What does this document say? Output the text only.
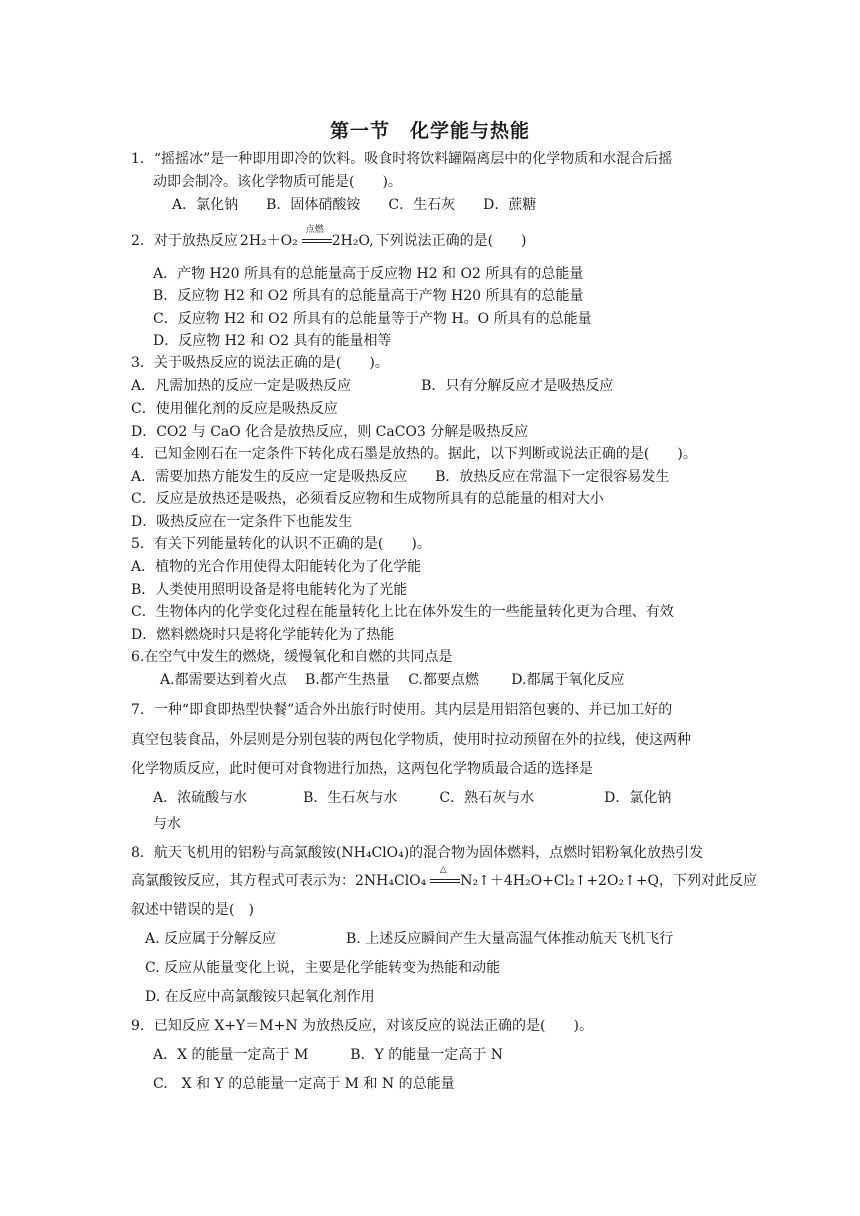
第一节　化学能与热能
1．“摇摇冰”是一种即用即冷的饮料。吸食时将饮料罐隔离层中的化学物质和水混合后摇
动即会制冷。该化学物质可能是(　　)。
A．氯化钠　　B．固体硝酸铵　　C．生石灰　　D．蔗糖
2．对于放热反应 2H₂＋O₂
点燃
2H₂O, 下列说法正确的是(　　)
A．产物 H20 所具有的总能量高于反应物 H2 和 O2 所具有的总能量
B．反应物 H2 和 O2 所具有的总能量高于产物 H20 所具有的总能量
C．反应物 H2 和 O2 所具有的总能量等于产物 H。O 所具有的总能量
D．反应物 H2 和 O2 具有的能量相等
3．关于吸热反应的说法正确的是(　　)。
A．凡需加热的反应一定是吸热反应　　　　　B．只有分解反应才是吸热反应
C．使用催化剂的反应是吸热反应
D．CO2 与 CaO 化合是放热反应，则 CaCO3 分解是吸热反应
4．已知金刚石在一定条件下转化成石墨是放热的。据此，以下判断或说法正确的是(　　)。
A．需要加热方能发生的反应一定是吸热反应　　B．放热反应在常温下一定很容易发生
C．反应是放热还是吸热，必须看反应物和生成物所具有的总能量的相对大小
D．吸热反应在一定条件下也能发生
5．有关下列能量转化的认识不正确的是(　　)。
A．植物的光合作用使得太阳能转化为了化学能
B．人类使用照明设备是将电能转化为了光能
C．生物体内的化学变化过程在能量转化上比在体外发生的一些能量转化更为合理、有效
D．燃料燃烧时只是将化学能转化为了热能
6.在空气中发生的燃烧，缓慢氧化和自燃的共同点是
A.都需要达到着火点　 B.都产生热量　 C.都要点燃　　 D.都属于氧化反应
7．一种“即食即热型快餐”适合外出旅行时使用。其内层是用铝箔包裹的、并已加工好的
真空包装食品，外层则是分别包装的两包化学物质，使用时拉动预留在外的拉线，使这两种
化学物质反应，此时便可对食物进行加热，这两包化学物质最合适的选择是
A．浓硫酸与水　　　　B．生石灰与水　　　C．熟石灰与水　　　　　D．氯化钠
与水
8．航天飞机用的铝粉与高氯酸铵(NH₄ClO₄)的混合物为固体燃料，点燃时铝粉氧化放热引发
高氯酸铵反应，其方程式可表示为：2NH₄ClO₄
△
N₂↑＋4H₂O+Cl₂↑+2O₂↑+Q，下列对此反应
叙述中错误的是(　)
A. 反应属于分解反应　　　　　B. 上述反应瞬间产生大量高温气体推动航天飞机飞行
C. 反应从能量变化上说，主要是化学能转变为热能和动能
D. 在反应中高氯酸铵只起氧化剂作用
9．已知反应 X+Y＝M+N 为放热反应，对该反应的说法正确的是(　　)。
A．X 的能量一定高于 M　　　B．Y 的能量一定高于 N
C.　X 和 Y 的总能量一定高于 M 和 N 的总能量
